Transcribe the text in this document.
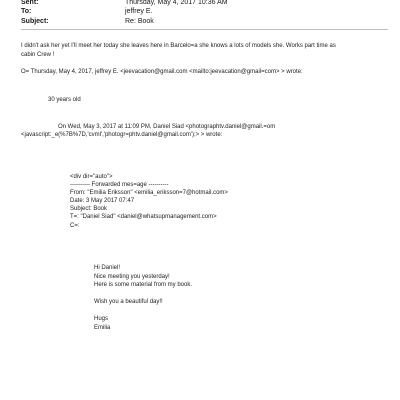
Sent:	Thursday, May 4, 2017 10:36 AM
To:	jeffrey E.
Subject:	Re: Book
I didn't ask her yet I'll meet her today she leaves here in Barcelo=a she knows a lots of models she. Works part time as
cabin Crew !
O= Thursday, May 4, 2017, jeffrey E. <jeevacation@gmail.com <mailto:jeevacation@gmail=com> > wrote:
30 years old
On Wed, May 3, 2017 at 11:09 PM, Daniel Siad <photographtv.daniel@gmail.=om
<javascript:_e(%7B%7D,'cvml','photogr=phtv.daniel@gmail.com');> > wrote:
<div dir="auto">
---------- Forwarded mes=age ----------
From: "Emilia Eriksson" <emilia_eriksson=7@hotmail.com>
Date: 3 May 2017 07:47
Subject: Book
T=: "Daniel Siad" <daniel@whatsupmanagement.com>
C=:
Hi Daniel!
Nice meeting you yesterday!
Here is some material from my book.
Wish you a beautiful day!!
Hugs
Emilia
